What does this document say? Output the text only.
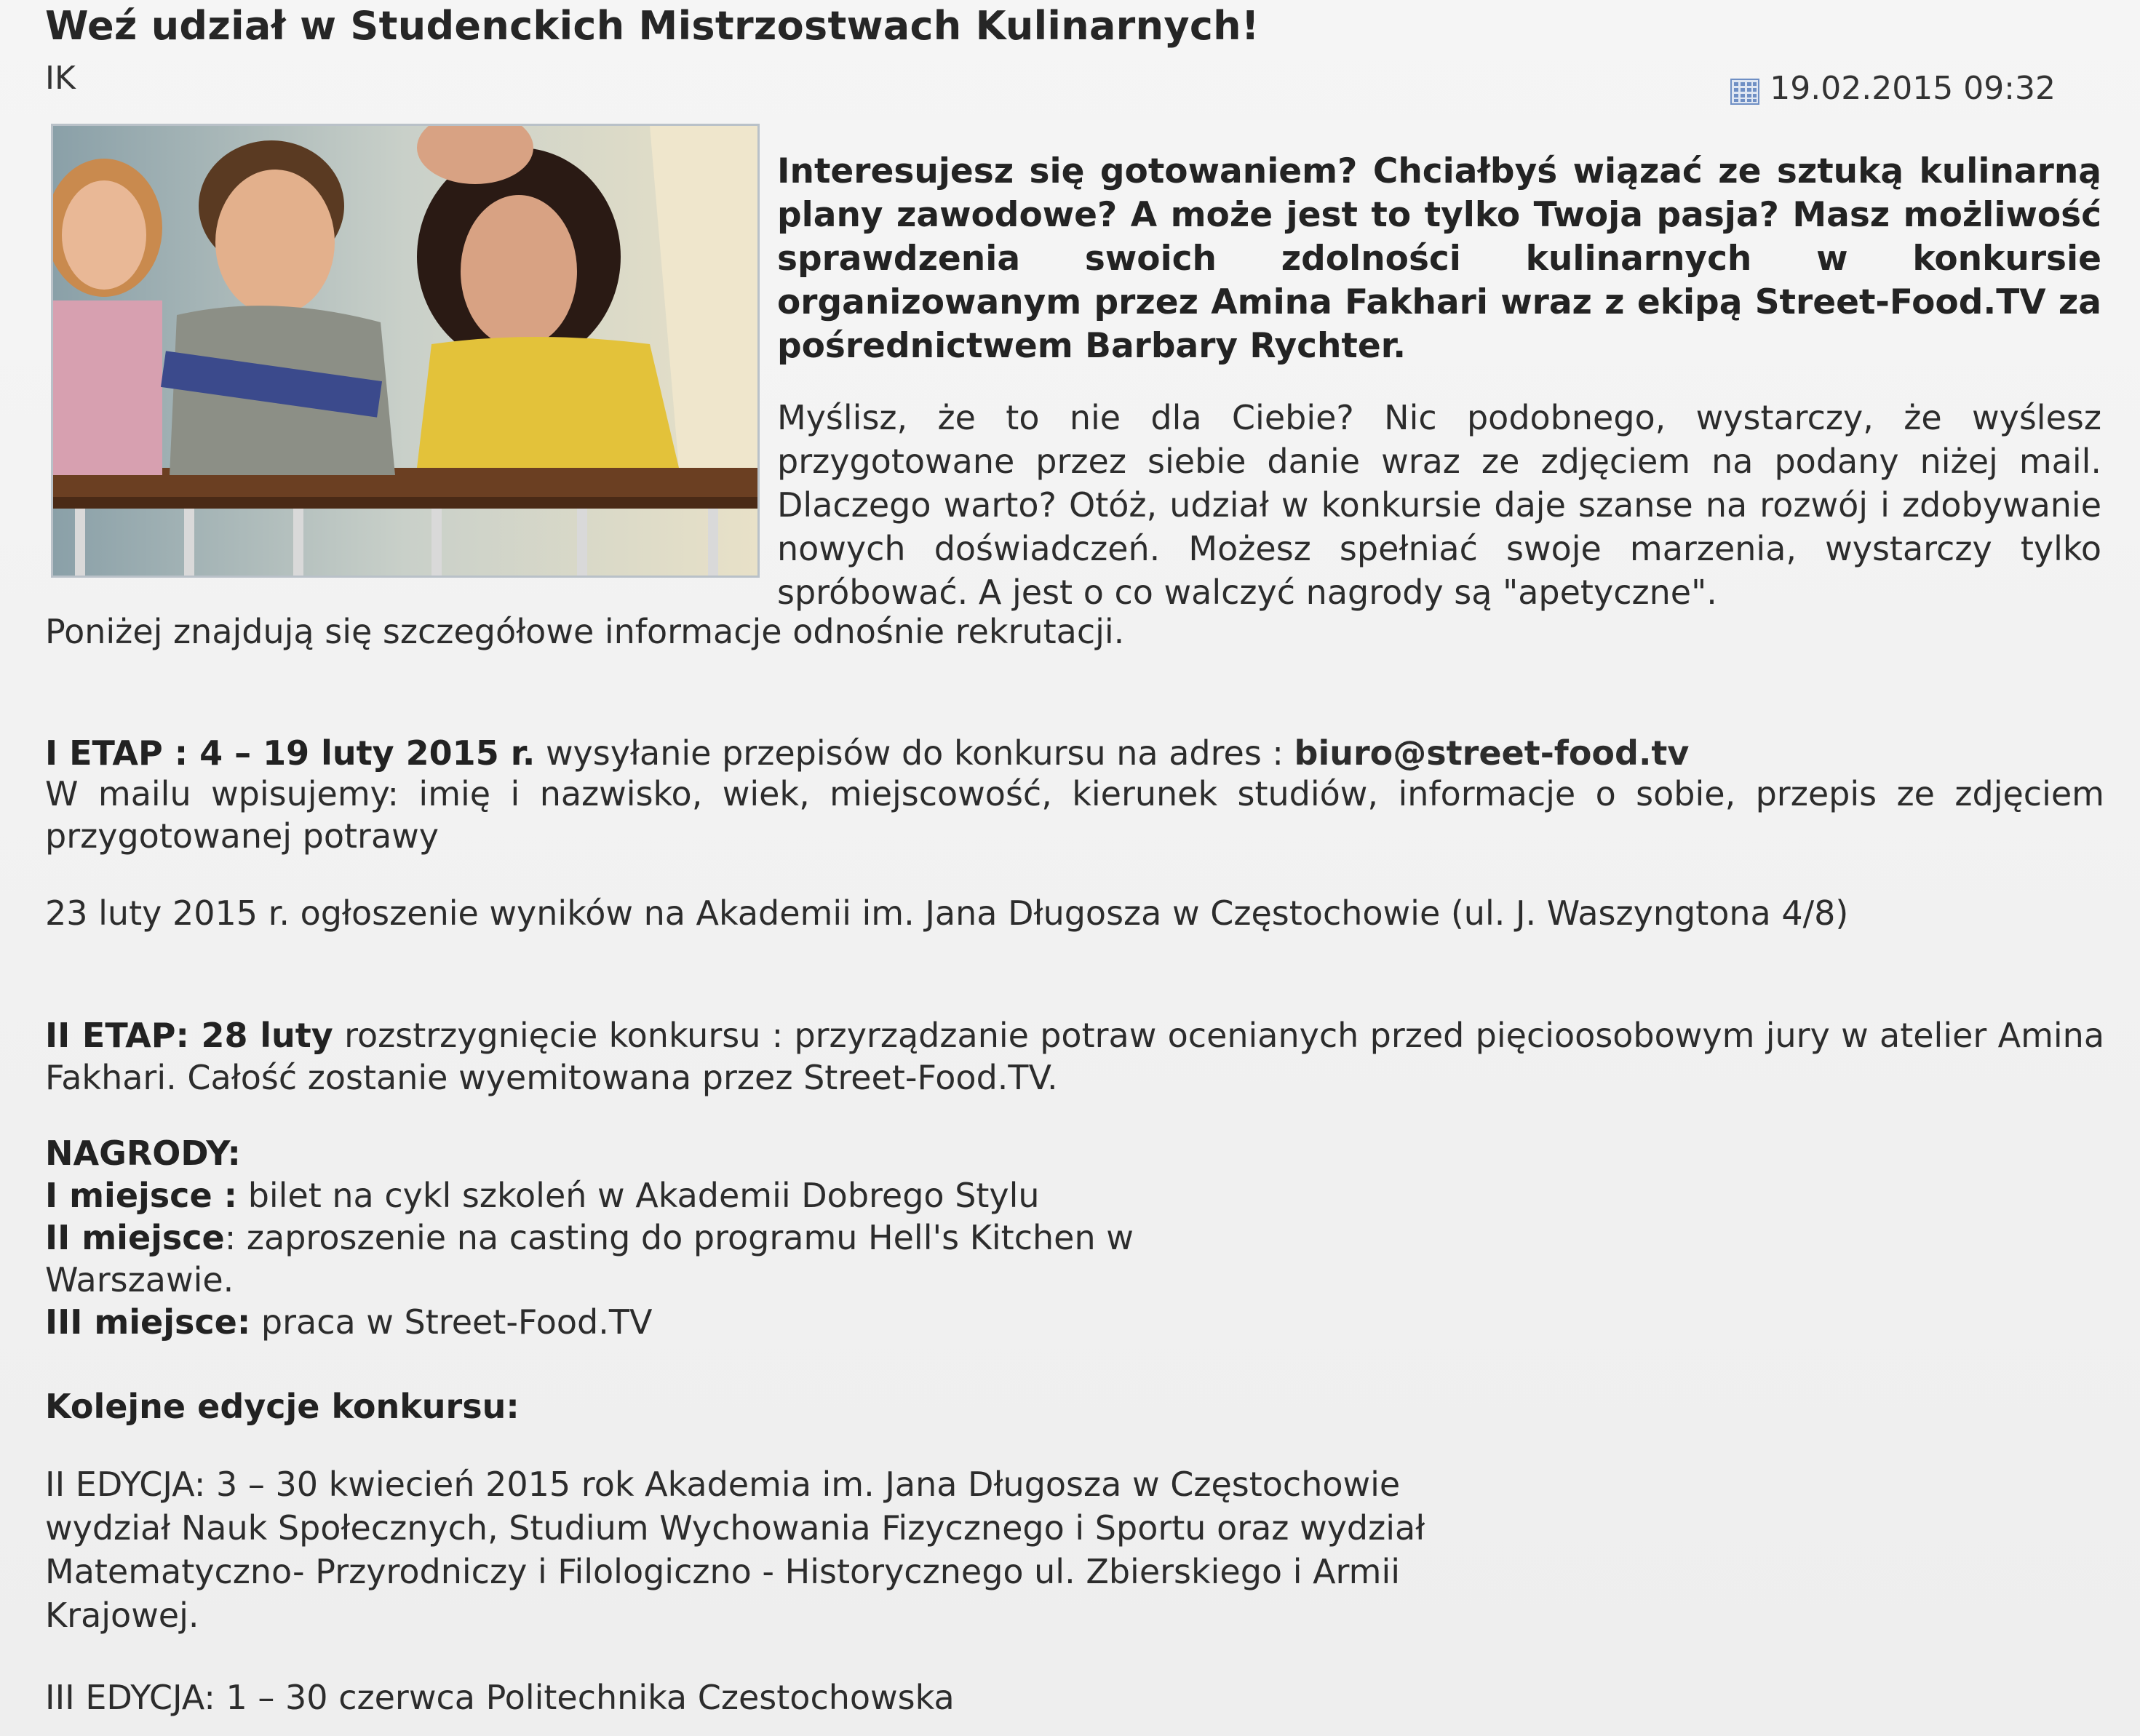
Weź udział w Studenckich Mistrzostwach Kulinarnych!
IK	19.02.2015 09:32

Interesujesz się gotowaniem? Chciałbyś wiązać ze sztuką kulinarną plany zawodowe? A może jest to tylko Twoja pasja? Masz możliwość sprawdzenia swoich zdolności kulinarnych w konkursie organizowanym przez Amina Fakhari wraz z ekipą Street-Food.TV za pośrednictwem Barbary Rychter.

Myślisz, że to nie dla Ciebie? Nic podobnego, wystarczy, że wyślesz przygotowane przez siebie danie wraz ze zdjęciem na podany niżej mail. Dlaczego warto? Otóż, udział w konkursie daje szanse na rozwój i zdobywanie nowych doświadczeń. Możesz spełniać swoje marzenia, wystarczy tylko spróbować. A jest o co walczyć nagrody są "apetyczne".

Poniżej znajdują się szczegółowe informacje odnośnie rekrutacji.
I ETAP : 4 – 19 luty 2015 r. wysyłanie przepisów do konkursu na adres : biuro@street-food.tv

W mailu wpisujemy: imię i nazwisko, wiek, miejscowość, kierunek studiów, informacje o sobie, przepis ze zdjęciem przygotowanej potrawy

23 luty 2015 r. ogłoszenie wyników na Akademii im. Jana Długosza w Częstochowie (ul. J. Waszyngtona 4/8)

II ETAP: 28 luty rozstrzygnięcie konkursu : przyrządzanie potraw ocenianych przed pięcioosobowym jury w atelier Amina Fakhari. Całość zostanie wyemitowana przez Street-Food.TV.

NAGRODY:
I miejsce : bilet na cykl szkoleń w Akademii Dobrego Stylu
II miejsce: zaproszenie na casting do programu Hell's Kitchen w Warszawie.
III miejsce: praca w Street-Food.TV
Kolejne edycje konkursu:

II EDYCJA: 3 – 30 kwiecień 2015 rok Akademia im. Jana Długosza w Częstochowie wydział Nauk Społecznych, Studium Wychowania Fizycznego i Sportu oraz wydział Matematyczno- Przyrodniczy i Filologiczno - Historycznego ul. Zbierskiego i Armii Krajowej.

III EDYCJA: 1 – 30 czerwca Politechnika Czestochowska
